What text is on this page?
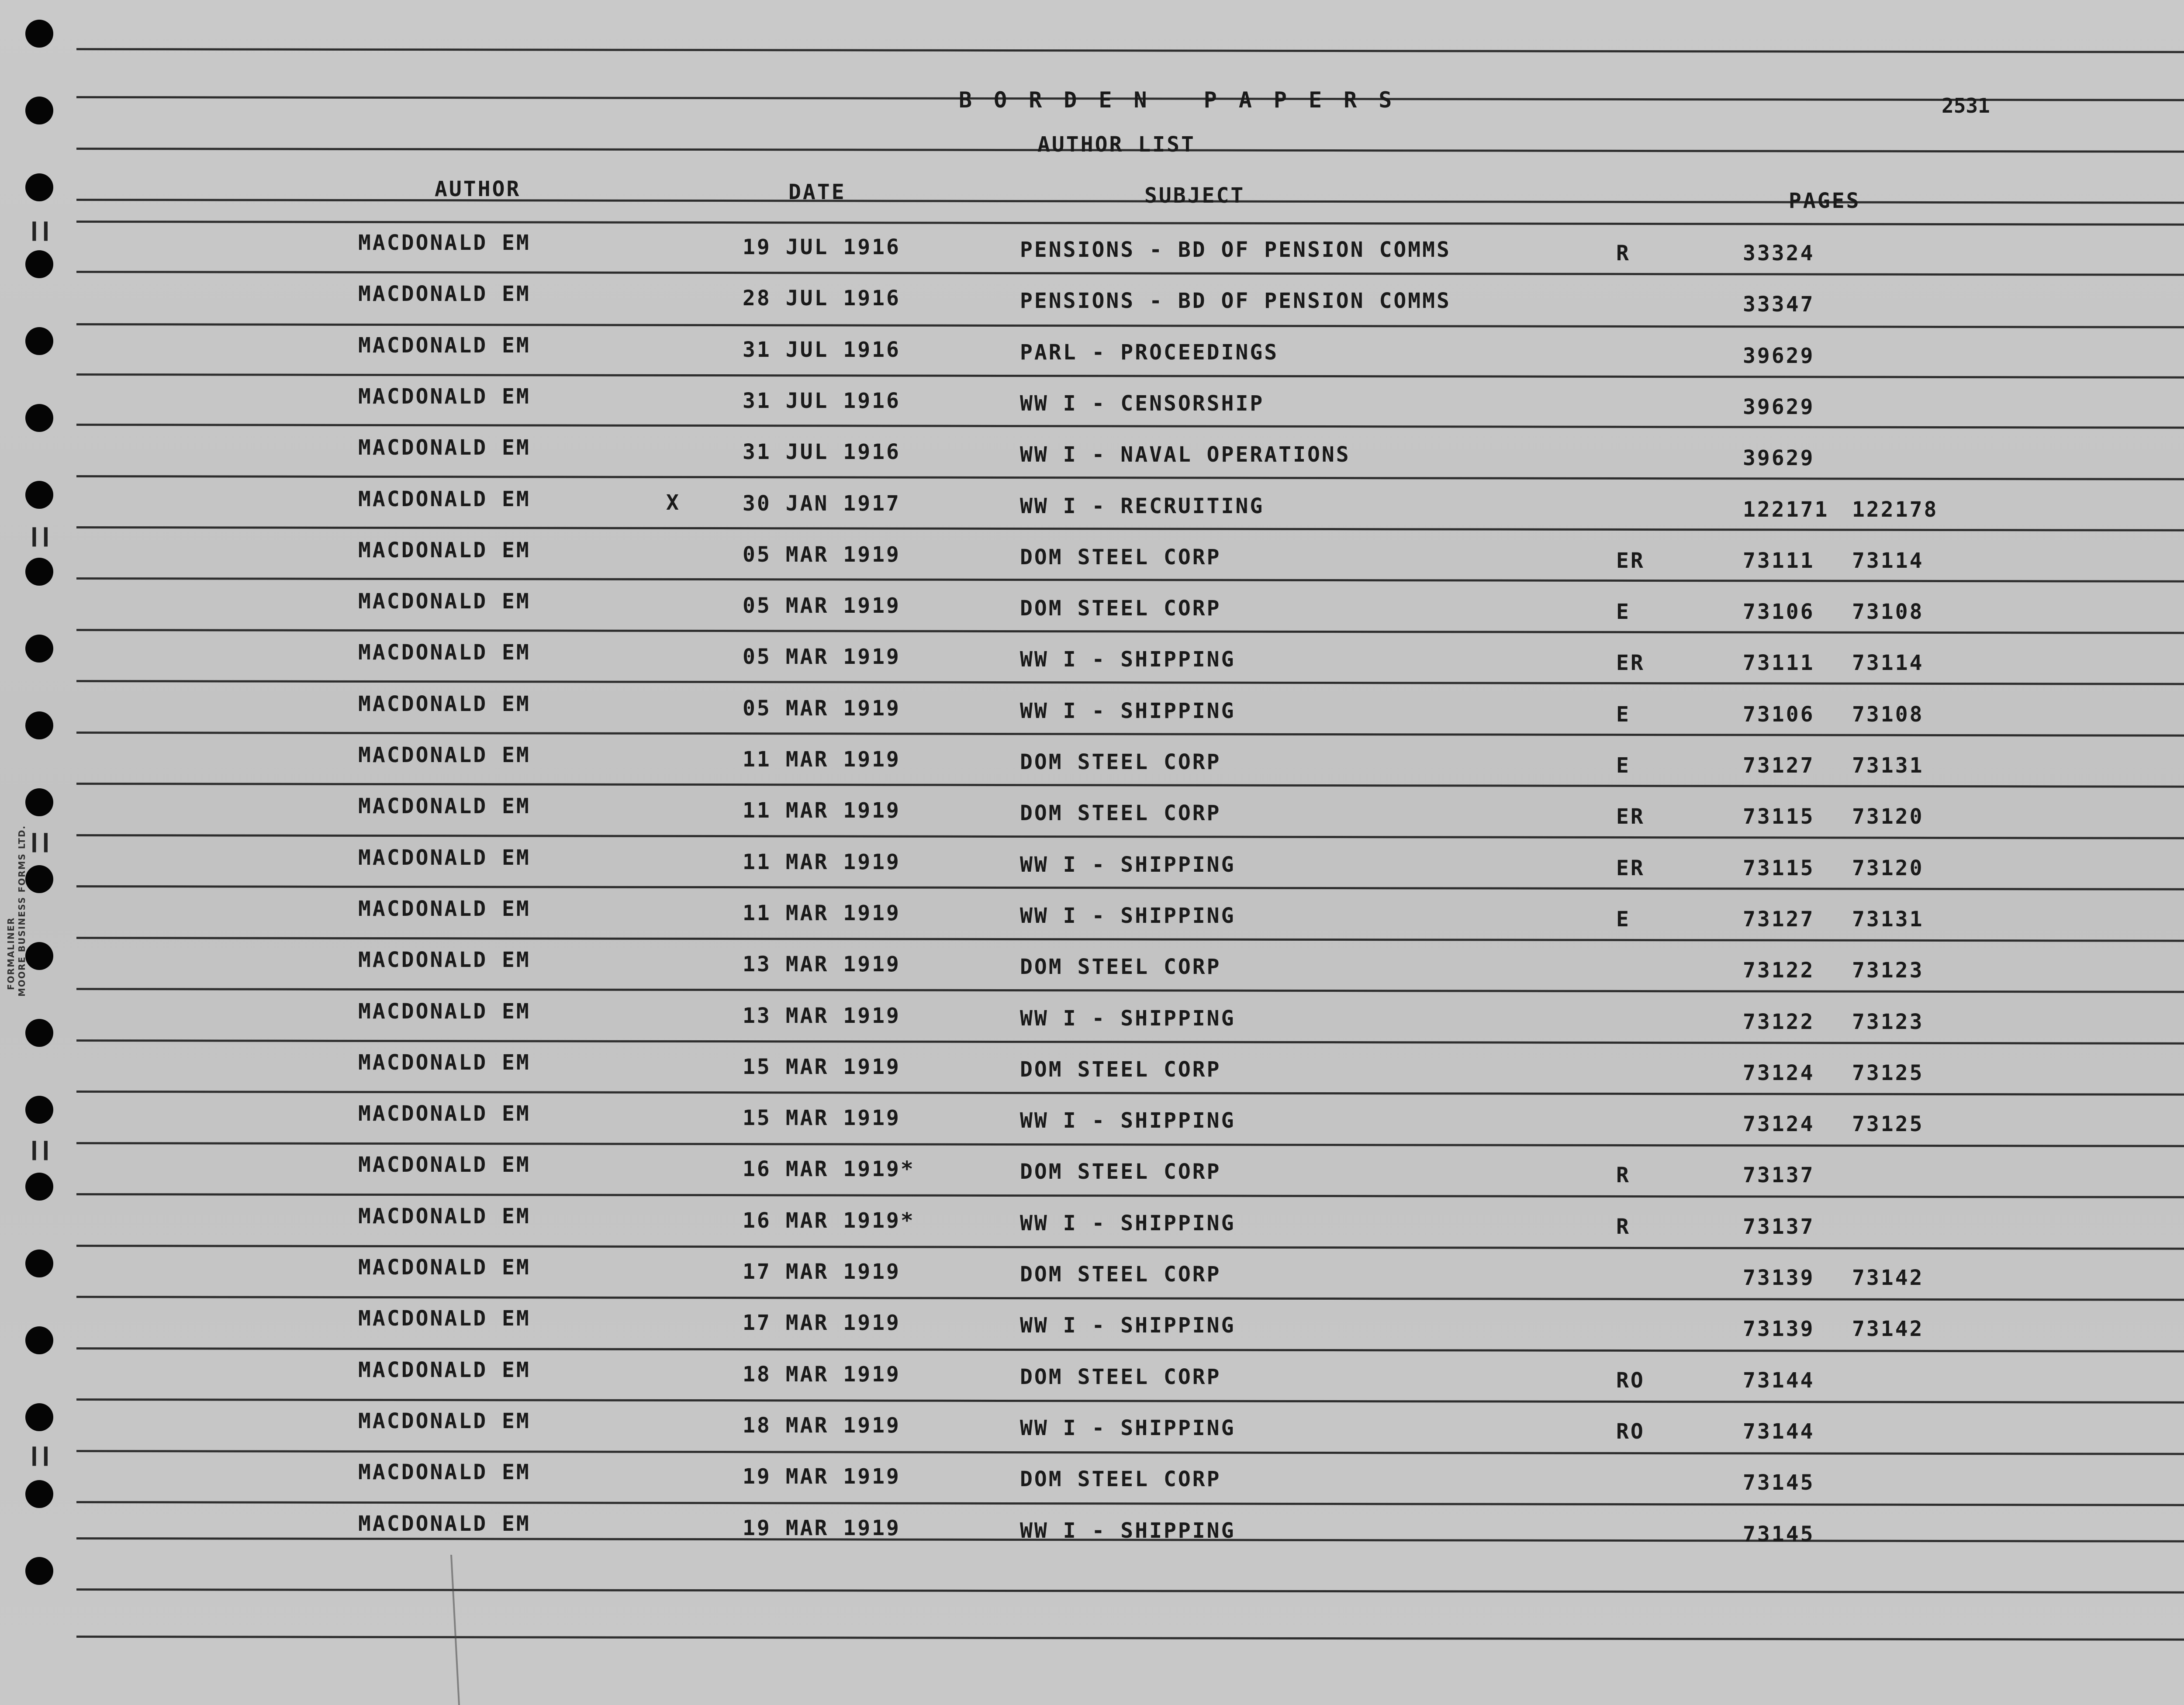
❙❙
❙❙
❙❙
❙❙
❙❙
MOORE BUSINESS FORMS LTD.
FORMALINER
BORDEN PAPERS	2531
AUTHOR LIST
AUTHOR	DATE	SUBJECT	PAGES
MACDONALD EM	19 JUL 1916	PENSIONS - BD OF PENSION COMMS	R	33324
MACDONALD EM	28 JUL 1916	PENSIONS - BD OF PENSION COMMS	33347
MACDONALD EM	31 JUL 1916	PARL - PROCEEDINGS	39629
MACDONALD EM	31 JUL 1916	WW I - CENSORSHIP	39629
MACDONALD EM	31 JUL 1916	WW I - NAVAL OPERATIONS	39629
MACDONALD EM	X	30 JAN 1917	WW I - RECRUITING	122171 122178
MACDONALD EM	05 MAR 1919	DOM STEEL CORP	ER	73111 73114
MACDONALD EM	05 MAR 1919	DOM STEEL CORP	E	73106 73108
MACDONALD EM	05 MAR 1919	WW I - SHIPPING	ER	73111 73114
MACDONALD EM	05 MAR 1919	WW I - SHIPPING	E	73106 73108
MACDONALD EM	11 MAR 1919	DOM STEEL CORP	E	73127 73131
MACDONALD EM	11 MAR 1919	DOM STEEL CORP	ER	73115 73120
MACDONALD EM	11 MAR 1919	WW I - SHIPPING	ER	73115 73120
MACDONALD EM	11 MAR 1919	WW I - SHIPPING	E	73127 73131
MACDONALD EM	13 MAR 1919	DOM STEEL CORP	73122 73123
MACDONALD EM	13 MAR 1919	WW I - SHIPPING	73122 73123
MACDONALD EM	15 MAR 1919	DOM STEEL CORP	73124 73125
MACDONALD EM	15 MAR 1919	WW I - SHIPPING	73124 73125
MACDONALD EM	16 MAR 1919*	DOM STEEL CORP	R	73137
MACDONALD EM	16 MAR 1919*	WW I - SHIPPING	R	73137
MACDONALD EM	17 MAR 1919	DOM STEEL CORP	73139 73142
MACDONALD EM	17 MAR 1919	WW I - SHIPPING	73139 73142
MACDONALD EM	18 MAR 1919	DOM STEEL CORP	RO	73144
MACDONALD EM	18 MAR 1919	WW I - SHIPPING	RO	73144
MACDONALD EM	19 MAR 1919	DOM STEEL CORP	73145
MACDONALD EM	19 MAR 1919	WW I - SHIPPING	73145
